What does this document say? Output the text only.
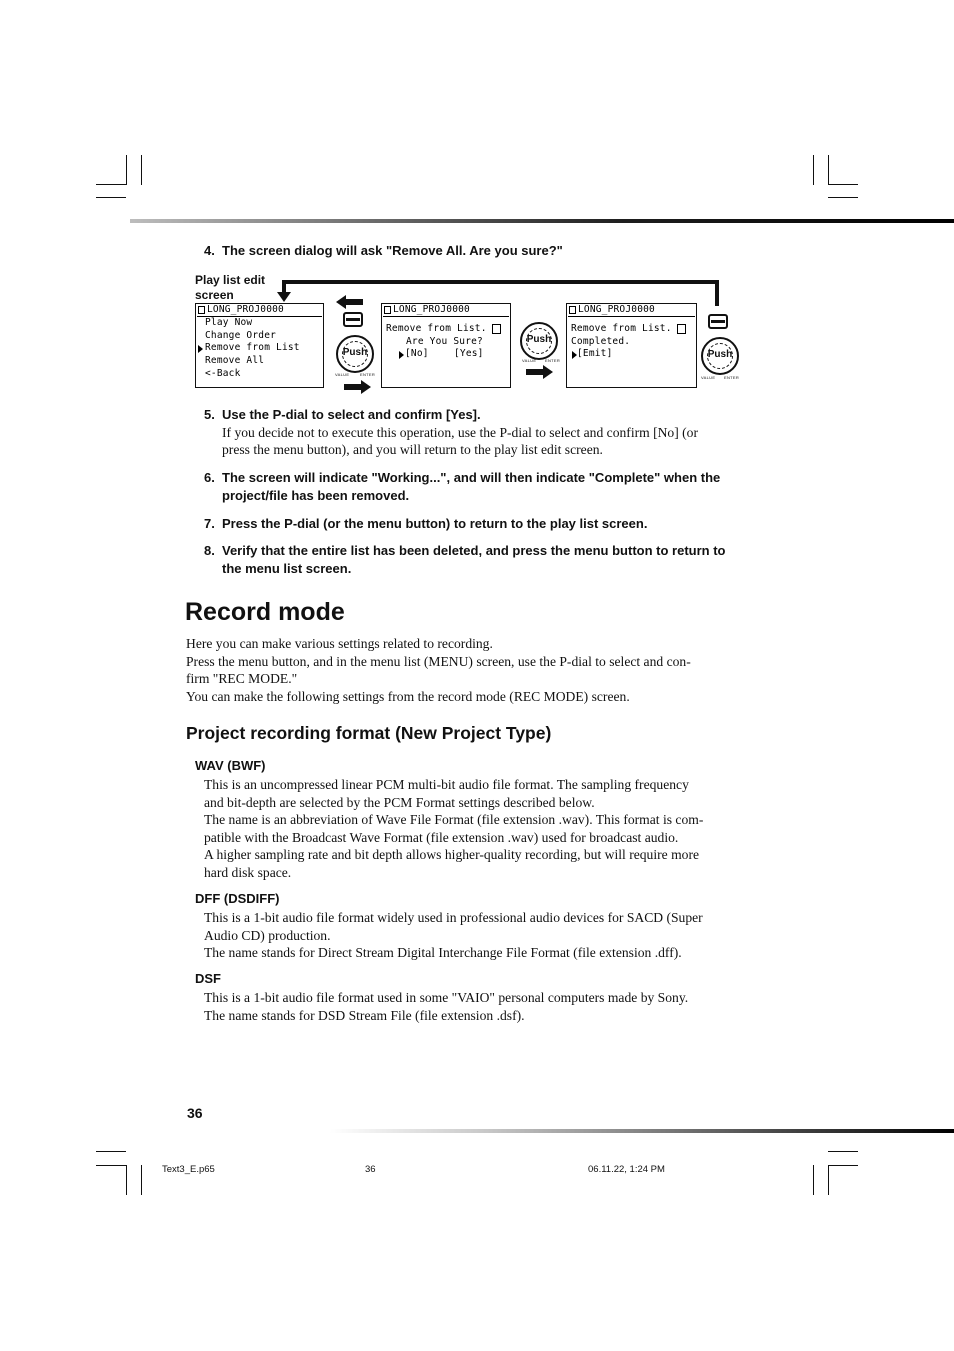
4. The screen dialog will ask "Remove All. Are you sure?"
Play list edit
screen
LONG_PROJ0000
Play Now
Change Order
Remove from List
Remove All
<-Back
Push
VALUE	ENTER
LONG_PROJ0000
Remove from List.
Are You Sure?
[No]	[Yes]
Push
VALUE ENTER
LONG_PROJ0000
Remove from List.
Completed.
[Emit]	Push
VALUE ENTER
5. Use the P-dial to select and confirm [Yes].
If you decide not to execute this operation, use the P-dial to select and confirm [No] (or
press the menu button), and you will return to the play list edit screen.
6. The screen will indicate "Working...", and will then indicate "Complete" when the
project/file has been removed.
7. Press the P-dial (or the menu button) to return to the play list screen.
8. Verify that the entire list has been deleted, and press the menu button to return to
the menu list screen.
Record mode
Here you can make various settings related to recording.
Press the menu button, and in the menu list (MENU) screen, use the P-dial to select and con-
firm "REC MODE."
You can make the following settings from the record mode (REC MODE) screen.
Project recording format (New Project Type)
WAV (BWF)
This is an uncompressed linear PCM multi-bit audio file format. The sampling frequency
and bit-depth are selected by the PCM Format settings described below.
The name is an abbreviation of Wave File Format (file extension .wav). This format is com-
patible with the Broadcast Wave Format (file extension .wav) used for broadcast audio.
A higher sampling rate and bit depth allows higher-quality recording, but will require more
hard disk space.
DFF (DSDIFF)
This is a 1-bit audio file format widely used in professional audio devices for SACD (Super
Audio CD) production.
The name stands for Direct Stream Digital Interchange File Format (file extension .dff).
DSF
This is a 1-bit audio file format used in some "VAIO" personal computers made by Sony.
The name stands for DSD Stream File (file extension .dsf).
36
Text3_E.p65	36	06.11.22, 1:24 PM
